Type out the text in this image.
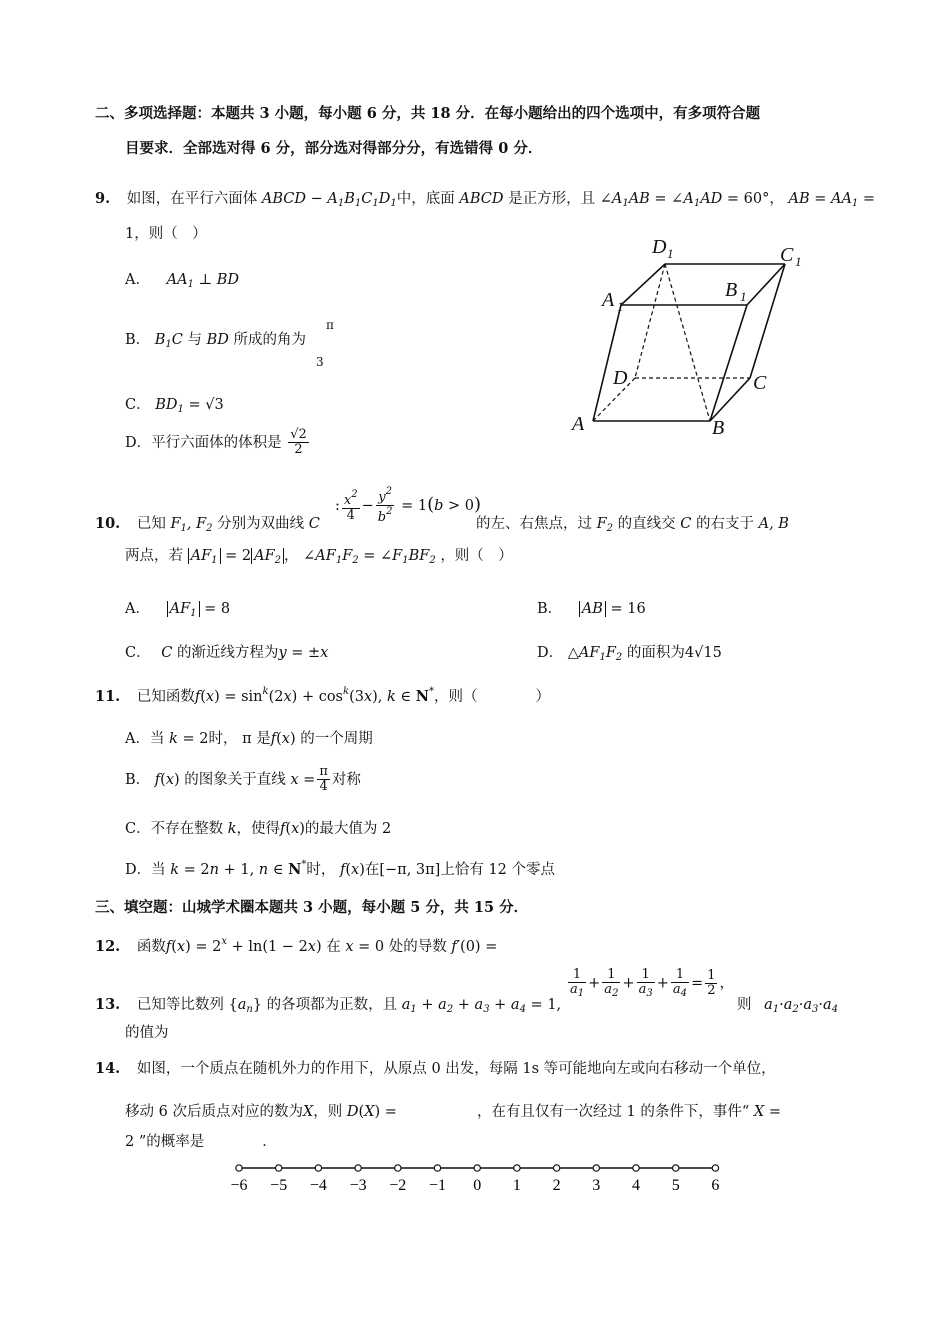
二、多项选择题：本题共 3 小题，每小题 6 分，共 18 分．在每小题给出的四个选项中，有多项符合题
目要求．全部选对得 6 分，部分选对得部分分，有选错得 0 分．
9. 如图，在平行六面体 ABCD − $A_1B_1C_1D_1$中，底面 ABCD 是正方形，且 $\angle A_1AB$ = $\angle A_1AD = 60^\circ$， AB = $AA_1$ =
1，则（　）
A． $AA_1$ ⊥ BD
B． $B_1C$ 与 BD 所成的角为
π
3
C． $BD_1 = √3$
D．平行六面体的体积是 $\frac{√2}{2}$
A	B
C
D
A 1
B 1
C 1
D 1
10. 已知 $F_1$, $F_2$ 分别为双曲线 C
: $\frac{x^2}{4} - \frac{y^2}{b^2} = 1(b > 0)$
的左、右焦点，过 $F_2$ 的直线交 C 的右支于 A, B
两点，若 $AF_1 = 2$ $AF_2$ ， $\angle AF_1F_2$ = $\angle F_1BF_2$ ，则（　）
A． $AF_1 = 8$	B． AB = 16
C． C 的渐近线方程为y = ±x	D． $\triangle AF_1F_2$ 的面积为4√15
11. 已知函数$f(x) = \sin^k(2x) + \cos^k(3x)$, k ∈ N*，则（　　　　）
A．当 k = 2时， π 是f(x) 的一个周期
B． f(x) 的图象关于直线 $x = \frac{\pi}{4}$ 对称
C．不存在整数 k，使得f(x)的最大值为 2
D．当 k = 2n + 1, n ∈ N*时， f(x)在[−π, 3π]上恰有 12 个零点
三、填空题：山城学术圈本题共 3 小题，每小题 5 分，共 15 分．
12. 函数$f(x) = 2^x + \ln(1 - 2x)$ 在 x = 0 处的导数 f′(0) =
13. 已知等比数列 $\{a_n\}$ 的各项都为正数，且 $a_1 + a_2 + a_3 + a_4 = 1$,
$\frac{1}{a_1} + \frac{1}{a_2} + \frac{1}{a_3} + \frac{1}{a_4} = \frac{1}{2}$ ，
则 $a_1\cdot a_2\cdot a_3\cdot a_4$
的值为
14. 如图，一个质点在随机外力的作用下，从原点 0 出发，每隔 1s 等可能地向左或向右移动一个单位，
移动 6 次后质点对应的数为X，则 D(X) =	，在有且仅有一次经过 1 的条件下，事件“ X =
2 ”的概率是　　　　．
−6 −5 −4 −3 −2 −1 0 1 2 3 4 5 6
